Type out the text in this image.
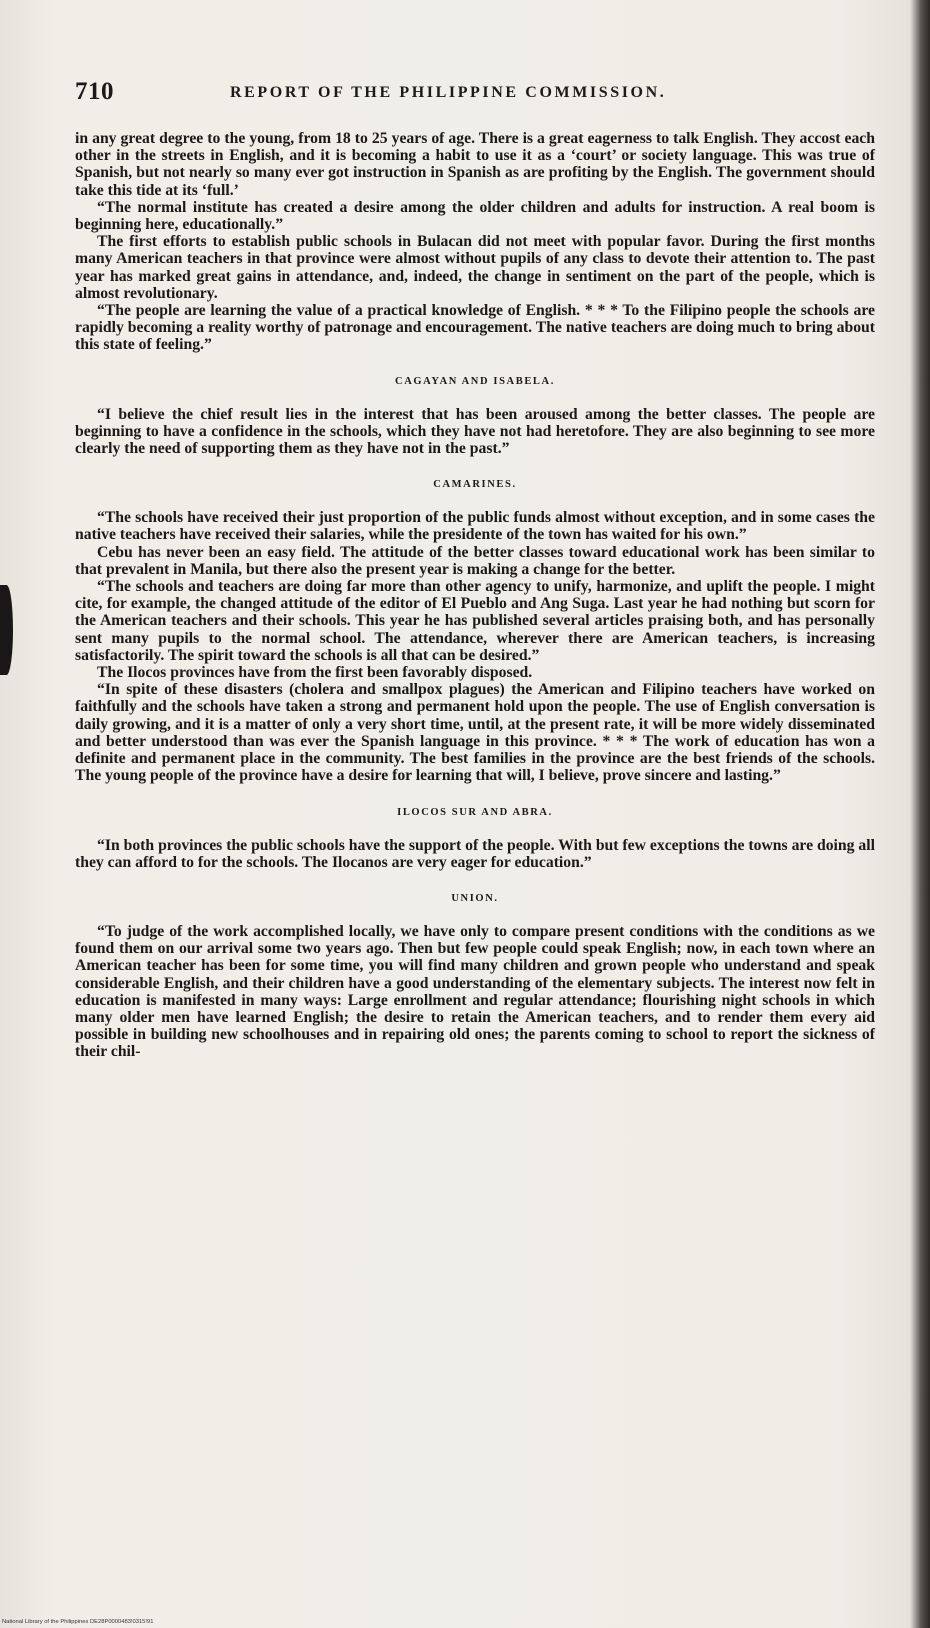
710	REPORT OF THE PHILIPPINE COMMISSION.

in any great degree to the young, from 18 to 25 years of age. There is a great eagerness to talk English. They accost each other in the streets in English, and it is becoming a habit to use it as a ‘court’ or society language. This was true of Spanish, but not nearly so many ever got instruction in Spanish as are profiting by the English. The government should take this tide at its ‘full.’

“The normal institute has created a desire among the older children and adults for instruction. A real boom is beginning here, educationally.”

The first efforts to establish public schools in Bulacan did not meet with popular favor. During the first months many American teachers in that province were almost without pupils of any class to devote their attention to. The past year has marked great gains in attendance, and, indeed, the change in sentiment on the part of the people, which is almost revolutionary.

“The people are learning the value of a practical knowledge of English. * * * To the Filipino people the schools are rapidly becoming a reality worthy of patronage and encouragement. The native teachers are doing much to bring about this state of feeling.”

CAGAYAN AND ISABELA.

“I believe the chief result lies in the interest that has been aroused among the better classes. The people are beginning to have a confidence in the schools, which they have not had heretofore. They are also beginning to see more clearly the need of supporting them as they have not in the past.”

CAMARINES.

“The schools have received their just proportion of the public funds almost without exception, and in some cases the native teachers have received their salaries, while the presidente of the town has waited for his own.”

Cebu has never been an easy field. The attitude of the better classes toward educational work has been similar to that prevalent in Manila, but there also the present year is making a change for the better.

“The schools and teachers are doing far more than other agency to unify, harmonize, and uplift the people. I might cite, for example, the changed attitude of the editor of El Pueblo and Ang Suga. Last year he had nothing but scorn for the American teachers and their schools. This year he has published several articles praising both, and has personally sent many pupils to the normal school. The attendance, wherever there are American teachers, is increasing satisfactorily. The spirit toward the schools is all that can be desired.”

The Ilocos provinces have from the first been favorably disposed.

“In spite of these disasters (cholera and smallpox plagues) the American and Filipino teachers have worked on faithfully and the schools have taken a strong and permanent hold upon the people. The use of English conversation is daily growing, and it is a matter of only a very short time, until, at the present rate, it will be more widely disseminated and better understood than was ever the Spanish language in this province. * * * The work of education has won a definite and permanent place in the community. The best families in the province are the best friends of the schools. The young people of the province have a desire for learning that will, I believe, prove sincere and lasting.”

ILOCOS SUR AND ABRA.

“In both provinces the public schools have the support of the people. With but few exceptions the towns are doing all they can afford to for the schools. The Ilocanos are very eager for education.”

UNION.

“To judge of the work accomplished locally, we have only to compare present conditions with the conditions as we found them on our arrival some two years ago. Then but few people could speak English; now, in each town where an American teacher has been for some time, you will find many children and grown people who understand and speak considerable English, and their children have a good understanding of the elementary subjects. The interest now felt in education is manifested in many ways: Large enrollment and regular attendance; flourishing night schools in which many older men have learned English; the desire to retain the American teachers, and to render them every aid possible in building new schoolhouses and in repairing old ones; the parents coming to school to report the sickness of their chil-

National Library of the Philippines DE28P0000483!0315!91
